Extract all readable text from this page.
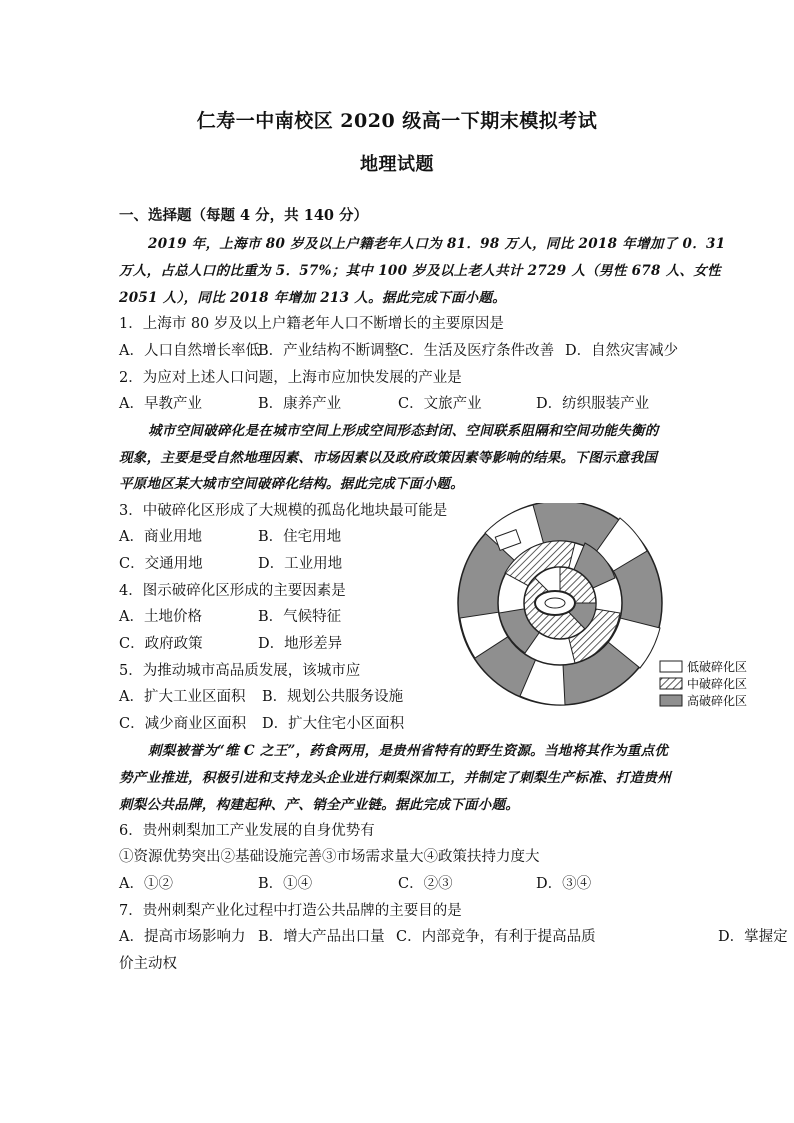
仁寿一中南校区 2020 级高一下期末模拟考试
地理试题
一、选择题（每题 4 分，共 140 分）
2019 年，上海市 80 岁及以上户籍老年人口为 81．98 万人，同比 2018 年增加了 0．31
万人，占总人口的比重为 5．57%；其中 100 岁及以上老人共计 2729 人（男性 678 人、女性
2051 人），同比 2018 年增加 213 人。据此完成下面小题。
1．上海市 80 岁及以上户籍老年人口不断增长的主要原因是
A．人口自然增长率低
B．产业结构不断调整
C．生活及医疗条件改善 D．自然灾害减少
2．为应对上述人口问题，上海市应加快发展的产业是
A．早教产业	B．康养产业	C．文旅产业	D．纺织服装产业
城市空间破碎化是在城市空间上形成空间形态封闭、空间联系阻隔和空间功能失衡的
现象，主要是受自然地理因素、市场因素以及政府政策因素等影响的结果。下图示意我国
平原地区某大城市空间破碎化结构。据此完成下面小题。
3．中破碎化区形成了大规模的孤岛化地块最可能是
A．商业用地	B．住宅用地
C．交通用地	D．工业用地
4．图示破碎化区形成的主要因素是
A．土地价格	B．气候特征
C．政府政策	D．地形差异
5．为推动城市高品质发展，该城市应
A．扩大工业区面积 B．规划公共服务设施
C．减少商业区面积 D．扩大住宅小区面积
低破碎化区
中破碎化区
高破碎化区
刺梨被誉为“维 C 之王”，药食两用，是贵州省特有的野生资源。当地将其作为重点优
势产业推进，积极引进和支持龙头企业进行刺梨深加工，并制定了刺梨生产标准、打造贵州
刺梨公共品牌，构建起种、产、销全产业链。据此完成下面小题。
6．贵州刺梨加工产业发展的自身优势有
①资源优势突出②基础设施完善③市场需求量大④政策扶持力度大
A．①②	B．①④	C．②③	D．③④
7．贵州刺梨产业化过程中打造公共品牌的主要目的是
A．提高市场影响力 B．增大产品出口量 C．内部竞争，有利于提高品质	D．掌握定
价主动权
